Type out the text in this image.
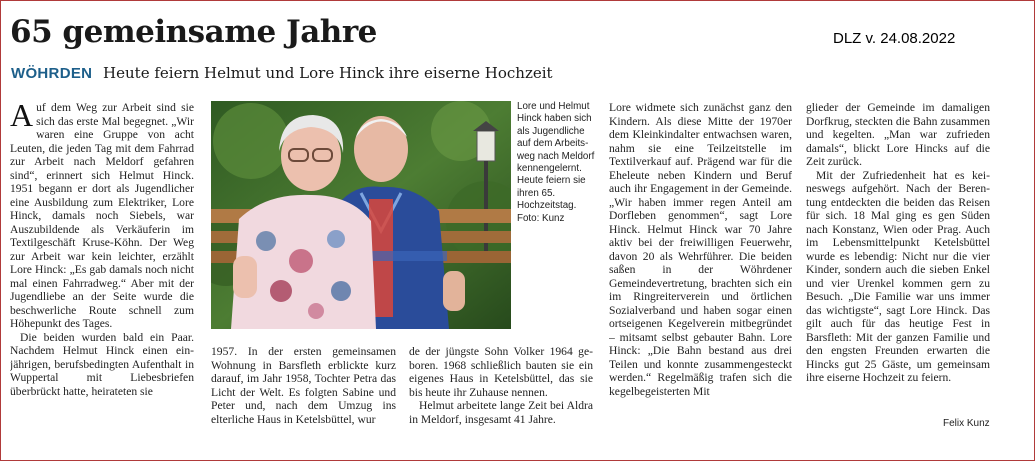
65 gemeinsame Jahre	DLZ v. 24.08.2022
WÖHRDEN Heute feiern Helmut und Lore Hinck ihre eiserne Hochzeit

Auf dem Weg zur Arbeit sind sie sich das erste Mal begegnet. „Wir waren eine Gruppe von acht Leuten, die jeden Tag mit dem Fahrrad zur Arbeit nach Meldorf gefahren sind“, erinnert sich Helmut Hinck. 1951 begann er dort als Jugendlicher eine Ausbildung zum Elektriker, Lore Hinck, damals noch Siebels, war Auszubildende als Verkäuferin im Textilgeschäft Kruse-Köhn. Der Weg zur Arbeit war kein leichter, erzählt Lore Hinck: „Es gab damals noch nicht mal einen Fahrradweg.“ Aber mit der Jugendliebe an der Seite wurde die beschwerliche Route schnell zum Höhepunkt des Tages.

Die beiden wurden bald ein Paar. Nachdem Helmut Hinck einen einjährigen, berufsbedingten Aufenthalt in Wuppertal mit Liebesbriefen überbrückt hatte, heirateten sie

Lore und Helmut Hinck haben sich als Jugendliche auf dem Arbeitsweg nach Meldorf kennengelernt. Heute feiern sie ihren 65. Hochzeitstag. Foto: Kunz

1957. In der ersten gemeinsamen Wohnung in Barsfleth erblickte kurz darauf, im Jahr 1958, Tochter Petra das Licht der Welt. Es folgten Sabine und Peter und, nach dem Umzug ins elterliche Haus in Ketelsbüttel, wur

de der jüngste Sohn Volker 1964 geboren. 1968 schließlich bauten sie ein eigenes Haus in Ketelsbüttel, das sie bis heute ihr Zuhause nennen.

Helmut arbeitete lange Zeit bei Aldra in Meldorf, insgesamt 41 Jahre.

Lore widmete sich zunächst ganz den Kindern. Als diese Mitte der 1970er dem Kleinkindalter entwachsen waren, nahm sie eine Teilzeitstelle im Textilverkauf auf. Prägend war für die Eheleute neben Kindern und Beruf auch ihr Engagement in der Gemeinde. „Wir haben immer regen Anteil am Dorfleben genommen“, sagt Lore Hinck. Helmut Hinck war 70 Jahre aktiv bei der freiwilligen Feuerwehr, davon 20 als Wehrführer. Die beiden saßen in der Wöhrdener Gemeindevertretung, brachten sich ein im Ringreiterverein und örtlichen Sozialverband und haben sogar einen ortseigenen Kegelverein mitbegründet – mitsamt selbst gebauter Bahn. Lore Hinck: „Die Bahn bestand aus drei Teilen und konnte zusammengesteckt werden.“ Regelmäßig trafen sich die kegelbegeisterten Mit

glieder der Gemeinde im damaligen Dorfkrug, steckten die Bahn zusammen und kegelten. „Man war zufrieden damals“, blickt Lore Hincks auf die Zeit zurück.

Mit der Zufriedenheit hat es keineswegs aufgehört. Nach der Berentung entdeckten die beiden das Reisen für sich. 18 Mal ging es gen Süden nach Konstanz, Wien oder Prag. Auch im Lebensmittelpunkt Ketelsbüttel wurde es lebendig: Nicht nur die vier Kinder, sondern auch die sieben Enkel und vier Urenkel kommen gern zu Besuch. „Die Familie war uns immer das wichtigste“, sagt Lore Hinck. Das gilt auch für das heutige Fest in Barsfleth: Mit der ganzen Familie und den engsten Freunden erwarten die Hincks gut 25 Gäste, um gemeinsam ihre eiserne Hochzeit zu feiern.

Felix Kunz
